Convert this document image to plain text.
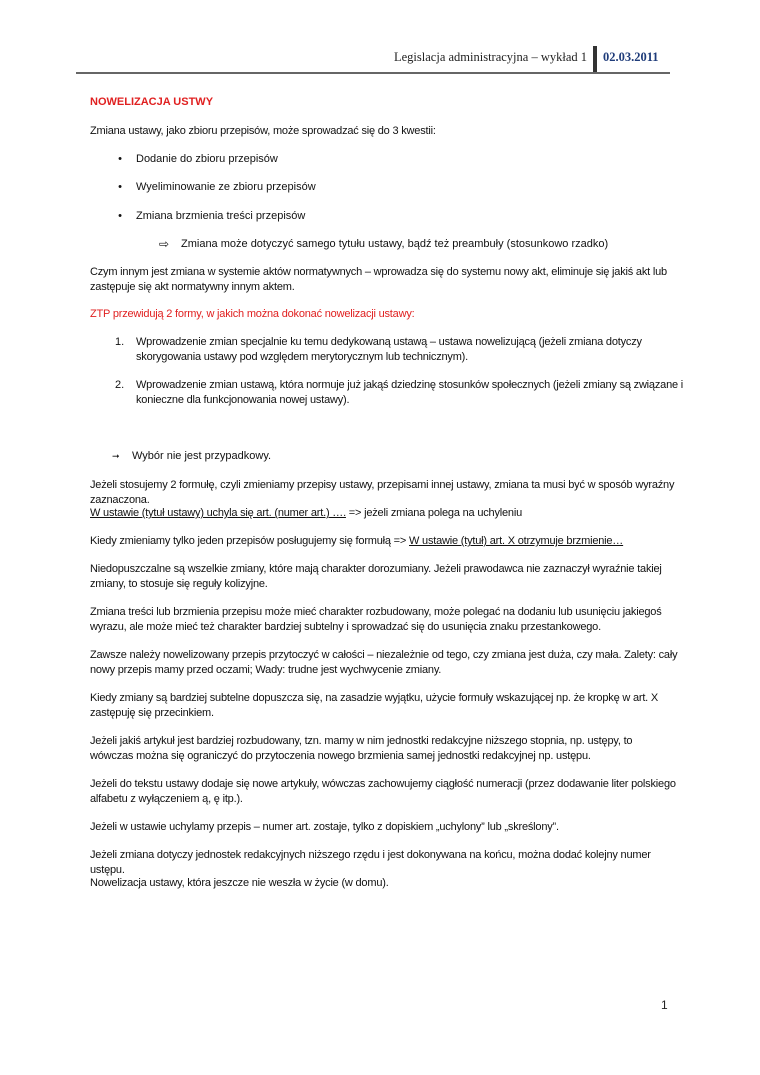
Legislacja administracyjna – wykład 1 02.03.2011
NOWELIZACJA USTWY
Zmiana ustawy, jako zbioru przepisów, może sprowadzać się do 3 kwestii:
• Dodanie do zbioru przepisów
• Wyeliminowanie ze zbioru przepisów
• Zmiana brzmienia treści przepisów
⇨ Zmiana może dotyczyć samego tytułu ustawy, bądź też preambuły (stosunkowo rzadko)
Czym innym jest zmiana w systemie aktów normatywnych – wprowadza się do systemu nowy akt, eliminuje się jakiś akt lub zastępuje się akt normatywny innym aktem.
ZTP przewidują 2 formy, w jakich można dokonać nowelizacji ustawy:
1.	Wprowadzenie zmian specjalnie ku temu dedykowaną ustawą – ustawa nowelizującą (jeżeli zmiana dotyczy skorygowania ustawy pod względem merytorycznym lub technicznym).
2.	Wprowadzenie zmian ustawą, która normuje już jakąś dziedzinę stosunków społecznych (jeżeli zmiany są związane i konieczne dla funkcjonowania nowej ustawy).
➞ Wybór nie jest przypadkowy.
Jeżeli stosujemy 2 formułę, czyli zmieniamy przepisy ustawy, przepisami innej ustawy, zmiana ta musi być w sposób wyraźny zaznaczona.
W ustawie (tytuł ustawy) uchyla się art. (numer art.) …. => jeżeli zmiana polega na uchyleniu
Kiedy zmieniamy tylko jeden przepisów posługujemy się formułą => W ustawie (tytuł) art. X otrzymuje brzmienie…
Niedopuszczalne są wszelkie zmiany, które mają charakter dorozumiany. Jeżeli prawodawca nie zaznaczył wyraźnie takiej zmiany, to stosuje się reguły kolizyjne.
Zmiana treści lub brzmienia przepisu może mieć charakter rozbudowany, może polegać na dodaniu lub usunięciu jakiegoś wyrazu, ale może mieć też charakter bardziej subtelny i sprowadzać się do usunięcia znaku przestankowego.
Zawsze należy nowelizowany przepis przytoczyć w całości – niezależnie od tego, czy zmiana jest duża, czy mała. Zalety: cały nowy przepis mamy przed oczami; Wady: trudne jest wychwycenie zmiany.
Kiedy zmiany są bardziej subtelne dopuszcza się, na zasadzie wyjątku, użycie formuły wskazującej np. że kropkę w art. X zastępuję się przecinkiem.
Jeżeli jakiś artykuł jest bardziej rozbudowany, tzn. mamy w nim jednostki redakcyjne niższego stopnia, np. ustępy, to wówczas można się ograniczyć do przytoczenia nowego brzmienia samej jednostki redakcyjnej np. ustępu.
Jeżeli do tekstu ustawy dodaje się nowe artykuły, wówczas zachowujemy ciągłość numeracji (przez dodawanie liter polskiego alfabetu z wyłączeniem ą, ę itp.).
Jeżeli w ustawie uchylamy przepis – numer art. zostaje, tylko z dopiskiem „uchylony” lub „skreślony”.
Jeżeli zmiana dotyczy jednostek redakcyjnych niższego rzędu i jest dokonywana na końcu, można dodać kolejny numer ustępu.
Nowelizacja ustawy, która jeszcze nie weszła w życie (w domu).
1
